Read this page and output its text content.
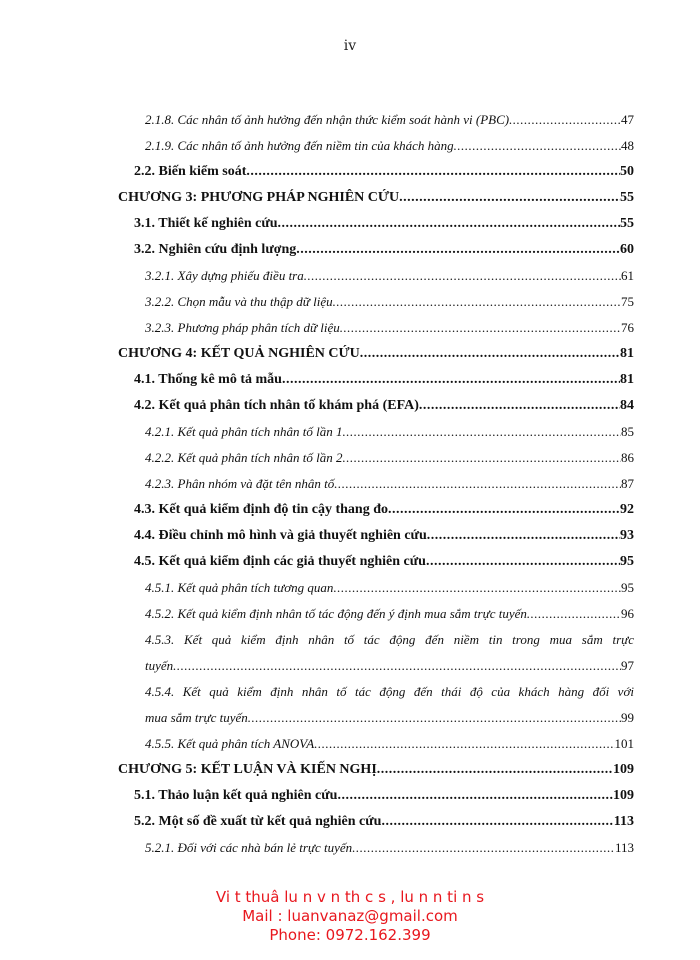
iv
2.1.8. Các nhân tố ảnh hưởng đến nhận thức kiểm soát hành vi (PBC) .....	47
2.1.9. Các nhân tố ảnh hưởng đến niềm tin của khách hàng .....	48
2.2. Biến kiểm soát .....	50
CHƯƠNG 3: PHƯƠNG PHÁP NGHIÊN CỨU .....	55
3.1. Thiết kế nghiên cứu .....	55
3.2. Nghiên cứu định lượng .....	60
3.2.1. Xây dựng phiếu điều tra .....	61
3.2.2. Chọn mẫu và thu thập dữ liệu .....	75
3.2.3. Phương pháp phân tích dữ liệu .....	76
CHƯƠNG 4: KẾT QUẢ NGHIÊN CỨU .....	81
4.1. Thống kê mô tả mẫu .....	81
4.2. Kết quả phân tích nhân tố khám phá (EFA) .....	84
4.2.1. Kết quả phân tích nhân tố lần 1 .....	85
4.2.2. Kết quả phân tích nhân tố lần 2 .....	86
4.2.3. Phân nhóm và đặt tên nhân tố .....	87
4.3. Kết quả kiểm định độ tin cậy thang đo .....	92
4.4. Điều chỉnh mô hình và giả thuyết nghiên cứu .....	93
4.5. Kết quả kiểm định các giả thuyết nghiên cứu .....	95
4.5.1. Kết quả phân tích tương quan .....	95
4.5.2. Kết quả kiểm định nhân tố tác động đến ý định mua sắm trực tuyến .....	96
4.5.3. Kết quả kiểm định nhân tố tác động đến niềm tin trong mua sắm trực
tuyến .....	97
4.5.4. Kết quả kiểm định nhân tố tác động đến thái độ của khách hàng đối với
mua sắm trực tuyến .....	99
4.5.5. Kết quả phân tích ANOVA .....	101
CHƯƠNG 5: KẾT LUẬN VÀ KIẾN NGHỊ .....	109
5.1. Thảo luận kết quả nghiên cứu .....	109
5.2. Một số đề xuất từ kết quả nghiên cứu .....	113
5.2.1. Đối với các nhà bán lẻ trực tuyến .....	113
Vi t thuâ lu n v n th c s , lu n n ti n s
Mail : luanvanaz@gmail.com
Phone: 0972.162.399
